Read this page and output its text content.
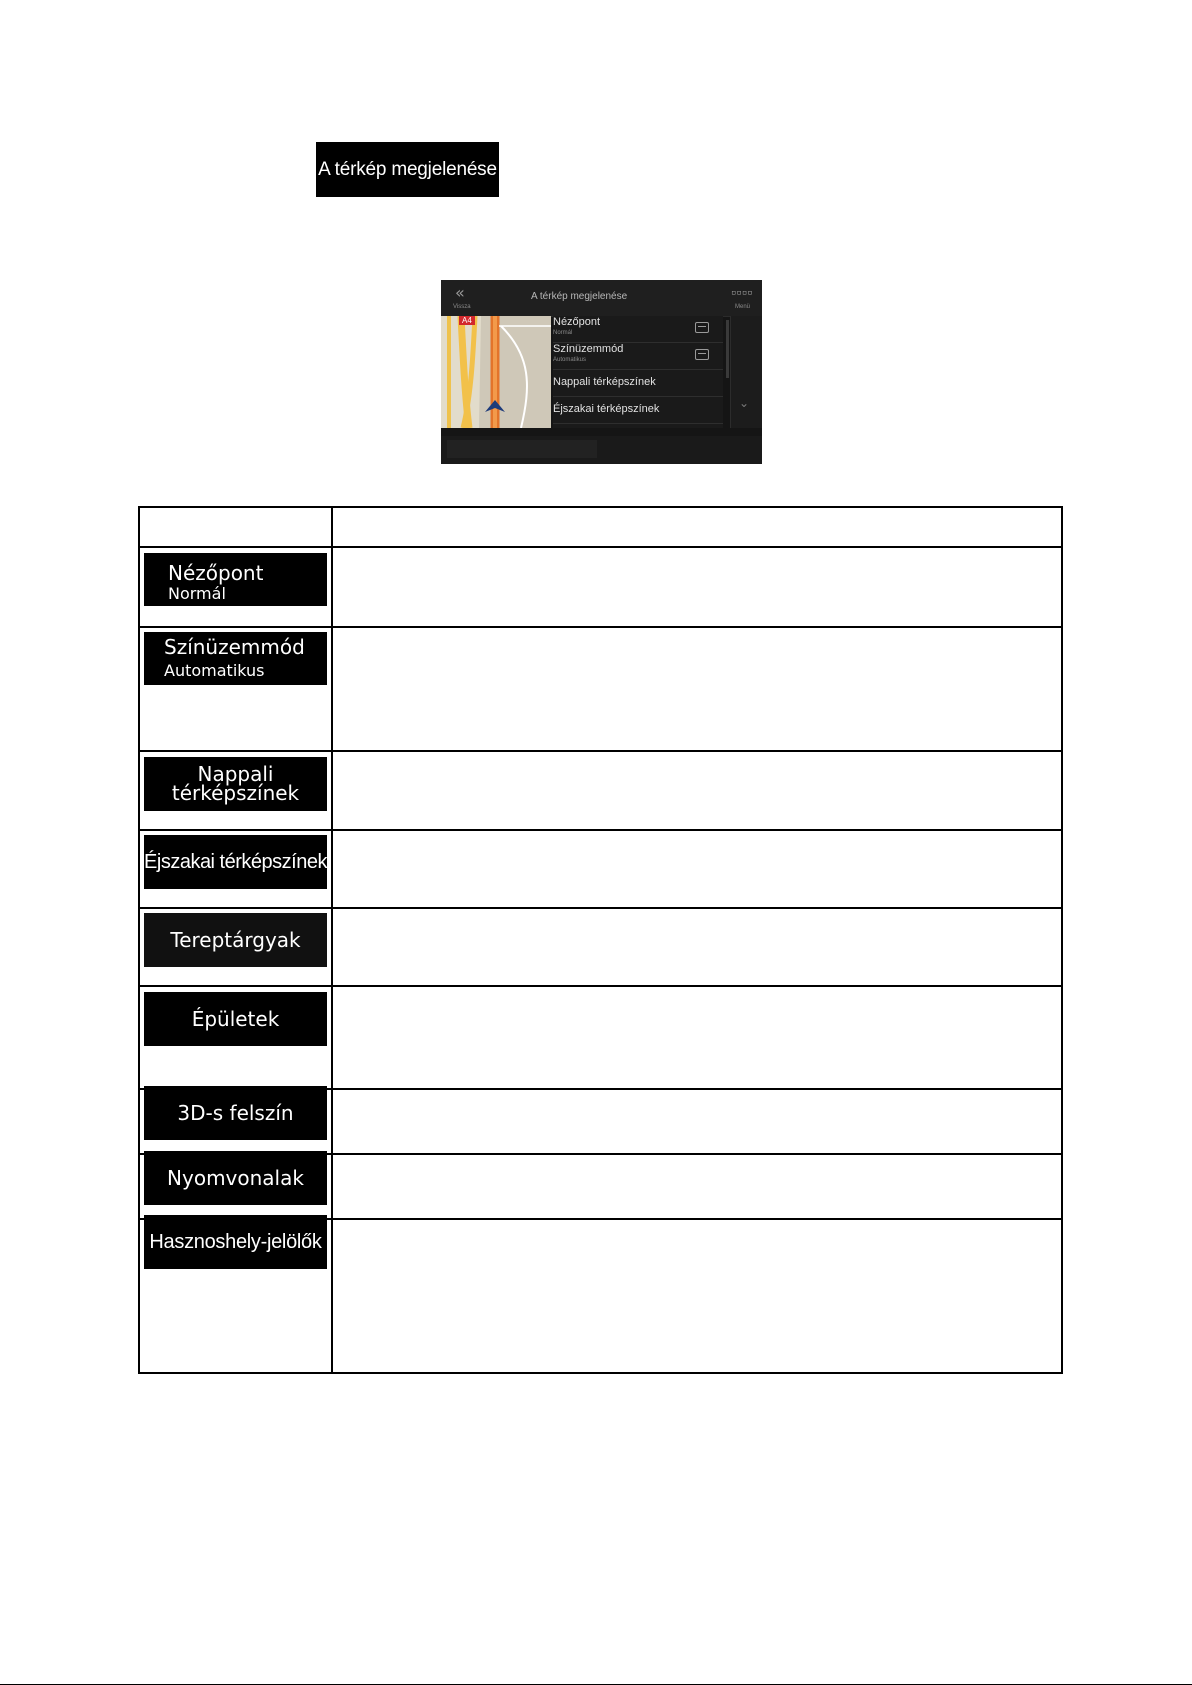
A térkép megjelenése
«
Vissza
A térkép megjelenése	▫▫▫▫
Menü
A4	Nézőpont
Normál
Színüzemmód
Automatikus
Nappali térképszínek
Éjszakai térképszínek	⌄
Nézőpont
Normál
Színüzemmód
Automatikus
Nappali
térképszínek
Éjszakai térképszínek
Tereptárgyak
Épületek
3D-s felszín
Nyomvonalak
Hasznoshely-jelölők
